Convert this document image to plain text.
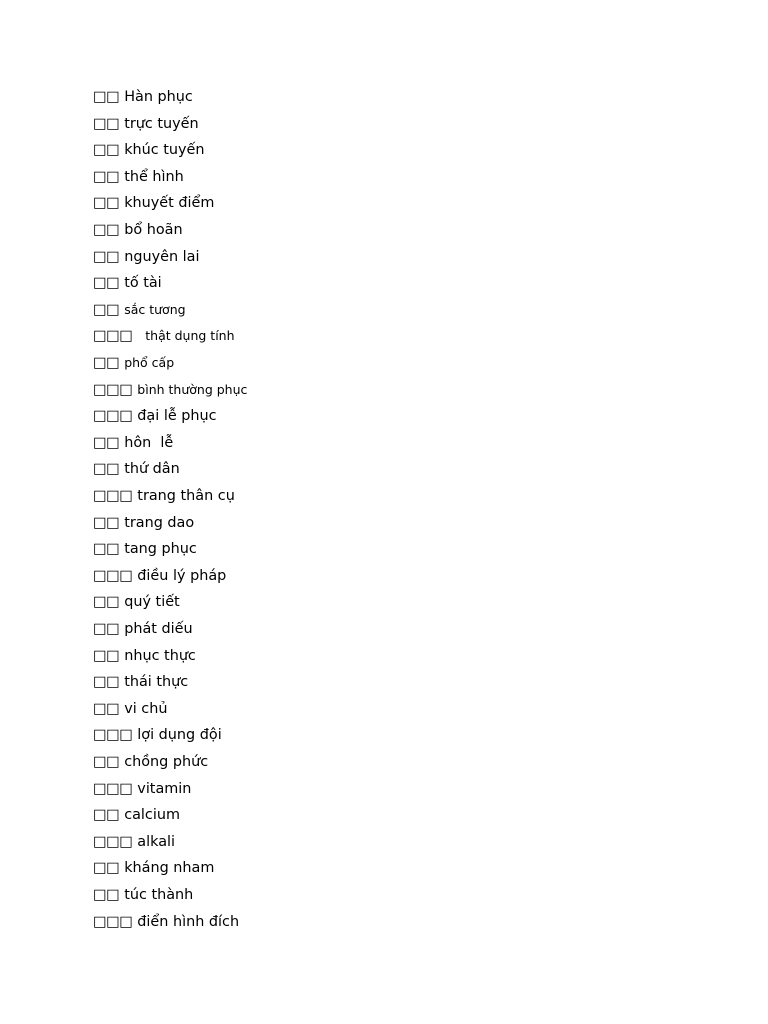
□□ Hàn phục
□□ trực tuyến
□□ khúc tuyến
□□ thể hình
□□ khuyết điểm
□□ bổ hoãn
□□ nguyên lai
□□ tố tài
□□ sắc tương
□□□ thật dụng tính
□□ phổ cấp
□□□ bình thường phục
□□□ đại lễ phục
□□ hôn  lễ
□□ thứ dân
□□□ trang thân cụ
□□ trang dao
□□ tang phục
□□□ điều lý pháp
□□ quý tiết
□□ phát diếu
□□ nhục thực
□□ thái thực
□□ vi chủ
□□□ lợi dụng đội
□□ chồng phức
□□□ vitamin
□□ calcium
□□□ alkali
□□ kháng nham
□□ túc thành
□□□ điển hình đích
